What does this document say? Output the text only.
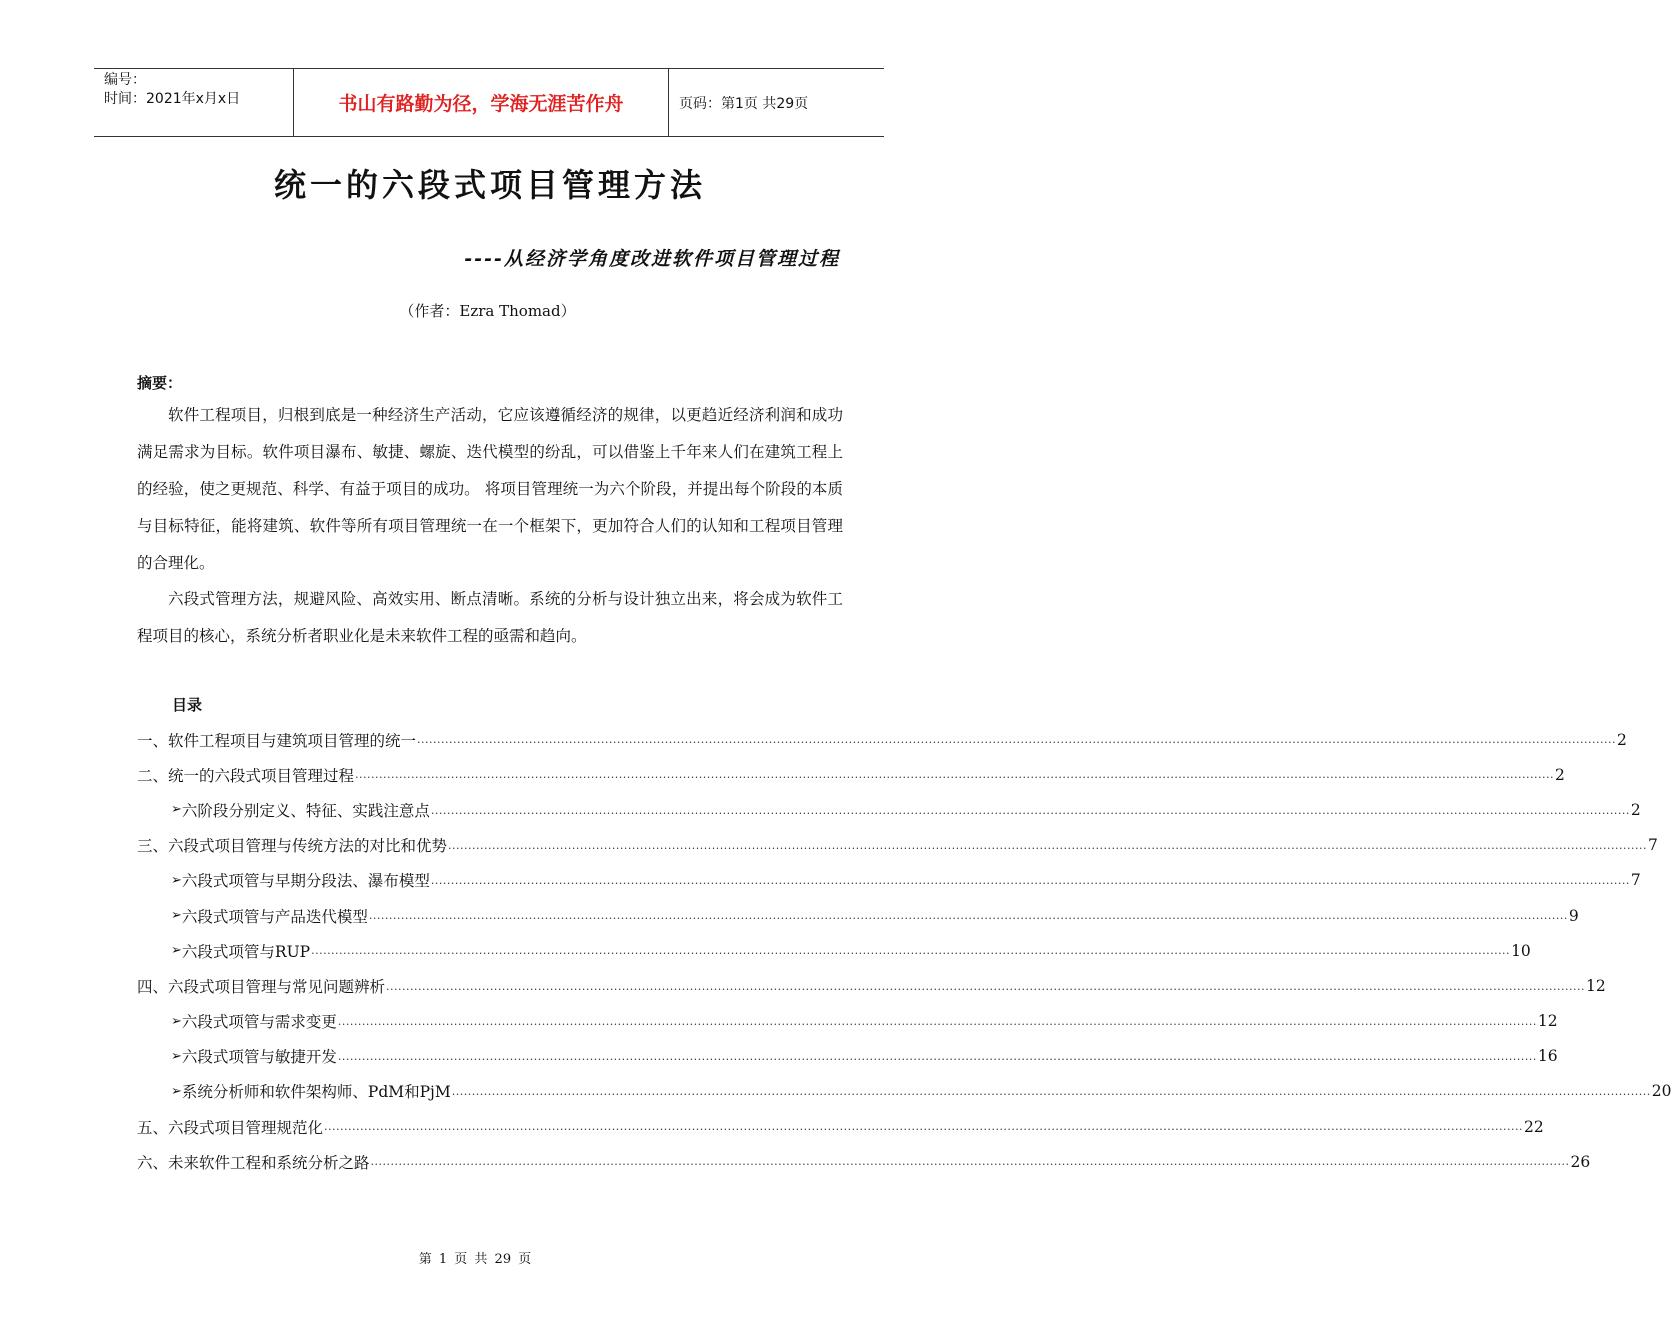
编号：
时间：2021年x月x日	书山有路勤为径，学海无涯苦作舟	页码：第1页 共29页
统一的六段式项目管理方法
----从经济学角度改进软件项目管理过程
（作者：Ezra Thomad）
摘要：

软件工程项目，归根到底是一种经济生产活动，它应该遵循经济的规律，以更趋近经济利润和成功满足需求为目标。软件项目瀑布、敏捷、螺旋、迭代模型的纷乱，可以借鉴上千年来人们在建筑工程上的经验，使之更规范、科学、有益于项目的成功。 将项目管理统一为六个阶段，并提出每个阶段的本质与目标特征，能将建筑、软件等所有项目管理统一在一个框架下，更加符合人们的认知和工程项目管理的合理化。

六段式管理方法，规避风险、高效实用、断点清晰。系统的分析与设计独立出来，将会成为软件工程项目的核心，系统分析者职业化是未来软件工程的亟需和趋向。

目录
一、软件工程项目与建筑项目管理的统一 ............................................................................................................................................................................................................................................................................................................ 2
二、统一的六段式项目管理过程 ............................................................................................................................................................................................................................................................................................................ 2
➢ 六阶段分别定义、特征、实践注意点 ............................................................................................................................................................................................................................................................................................................ 2
三、六段式项目管理与传统方法的对比和优势 ............................................................................................................................................................................................................................................................................................................ 7
➢ 六段式项管与早期分段法、瀑布模型 ............................................................................................................................................................................................................................................................................................................ 7
➢ 六段式项管与产品迭代模型 ............................................................................................................................................................................................................................................................................................................ 9
➢ 六段式项管与RUP ............................................................................................................................................................................................................................................................................................................ 10
四、六段式项目管理与常见问题辨析 ............................................................................................................................................................................................................................................................................................................ 12
➢ 六段式项管与需求变更 ............................................................................................................................................................................................................................................................................................................ 12
➢ 六段式项管与敏捷开发 ............................................................................................................................................................................................................................................................................................................ 16
➢ 系统分析师和软件架构师、PdM和PjM ............................................................................................................................................................................................................................................................................................................ 20
五、六段式项目管理规范化 ............................................................................................................................................................................................................................................................................................................ 22
六、未来软件工程和系统分析之路 ............................................................................................................................................................................................................................................................................................................ 26
第 1 页 共 29 页
